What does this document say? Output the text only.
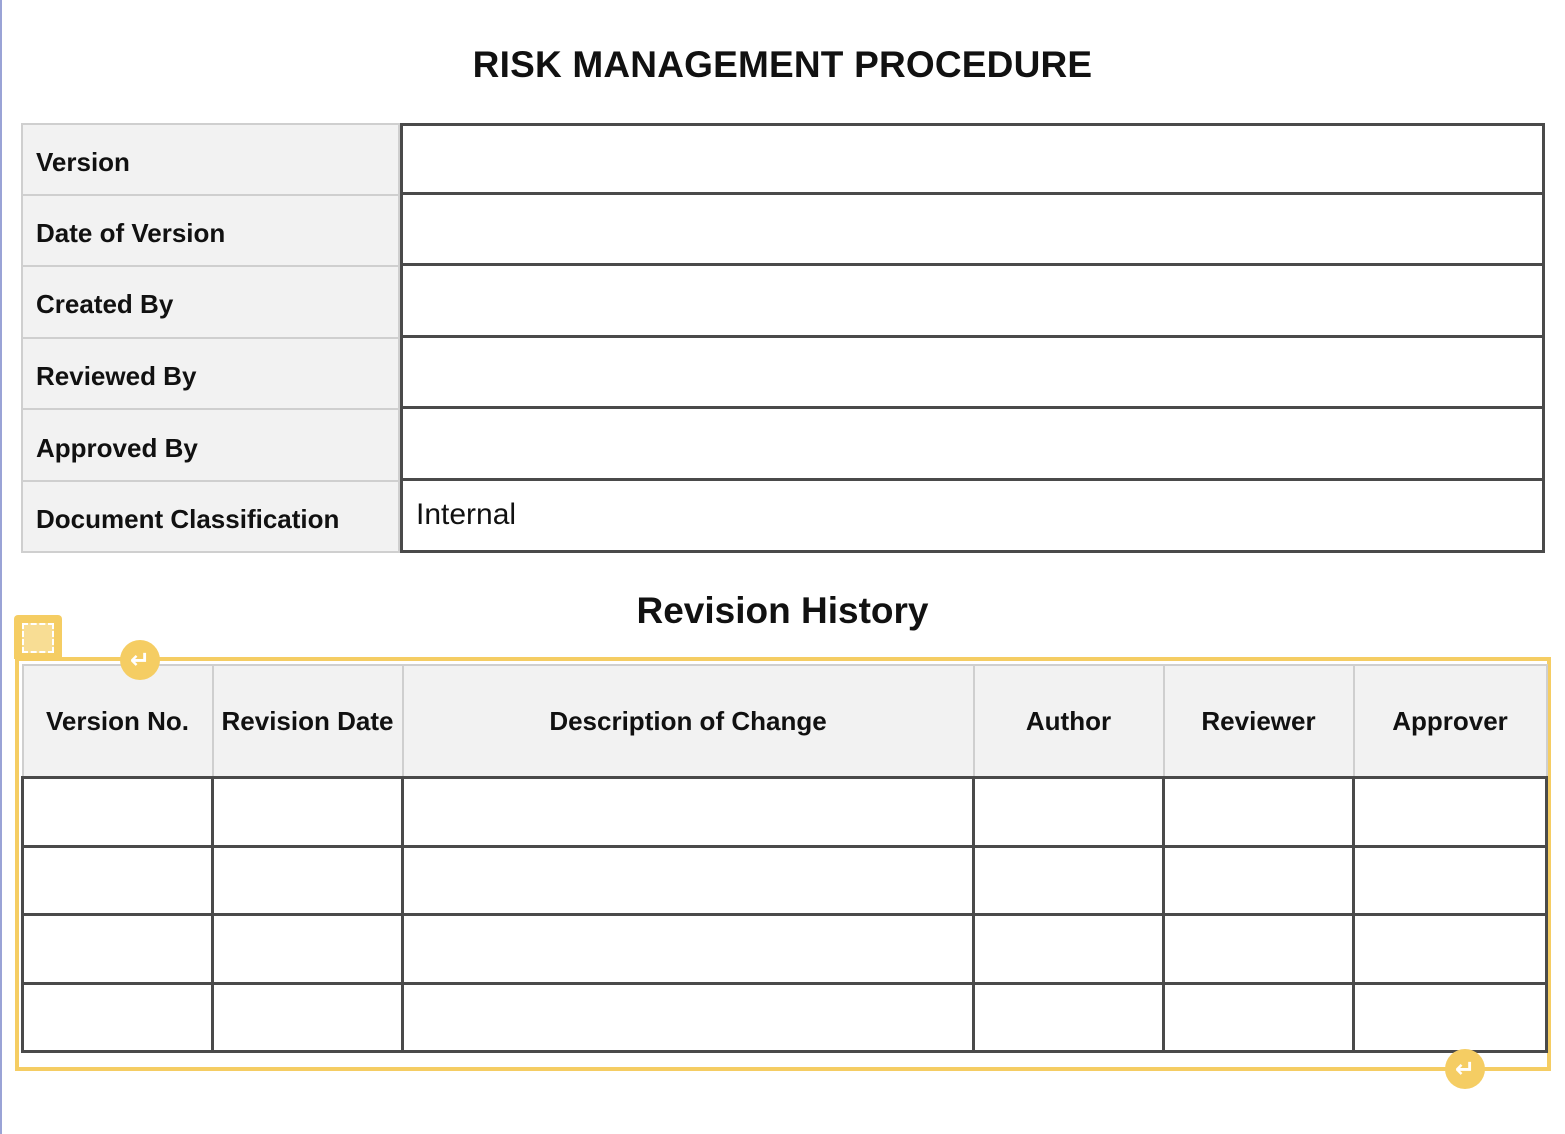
RISK MANAGEMENT PROCEDURE
Version
Date of Version
Created By
Reviewed By
Approved By
Document Classification	Internal
Revision History
Version No.	Revision Date	Description of Change	Author	Reviewer	Approver

↵
↵
